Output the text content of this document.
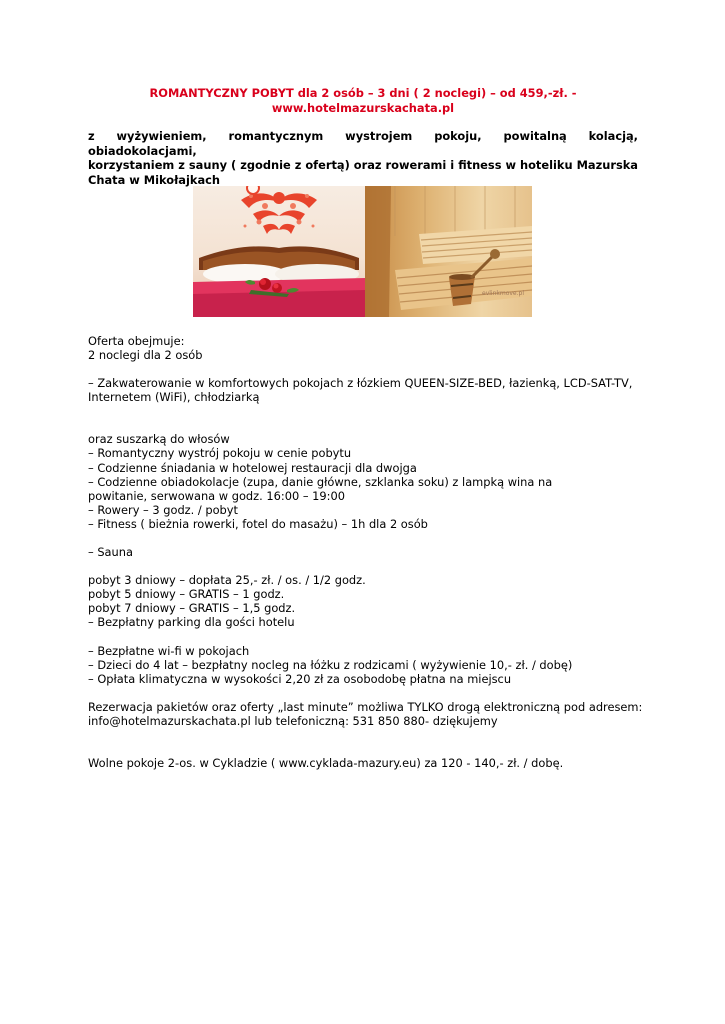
ROMANTYCZNY POBYT dla 2 osób – 3 dni ( 2 noclegi) – od 459,-zł. -
www.hotelmazurskachata.pl
z wyżywieniem, romantycznym wystrojem pokoju, powitalną kolacją, obiadokolacjami,
korzystaniem z sauny ( zgodnie z ofertą) oraz rowerami i fitness w hoteliku Mazurska
Chata w Mikołajkach
evlinkmove.pl
Oferta obejmuje:
2 noclegi dla 2 osób
– Zakwaterowanie w komfortowych pokojach z łózkiem QUEEN-SIZE-BED, łazienką, LCD-SAT-TV,
Internetem (WiFi), chłodziarką
oraz suszarką do włosów
– Romantyczny wystrój pokoju w cenie pobytu
– Codzienne śniadania w hotelowej restauracji dla dwojga
– Codzienne obiadokolacje (zupa, danie główne, szklanka soku) z lampką wina na
powitanie, serwowana w godz. 16:00 – 19:00
– Rowery – 3 godz. / pobyt
– Fitness ( bieżnia rowerki, fotel do masażu) – 1h dla 2 osób
– Sauna
pobyt 3 dniowy – dopłata 25,- zł. / os. / 1/2 godz.
pobyt 5 dniowy – GRATIS – 1 godz.
pobyt 7 dniowy – GRATIS – 1,5 godz.
– Bezpłatny parking dla gości hotelu
– Bezpłatne wi-fi w pokojach
– Dzieci do 4 lat – bezpłatny nocleg na łóżku z rodzicami ( wyżywienie 10,- zł. / dobę)
– Opłata klimatyczna w wysokości 2,20 zł za osobodobę płatna na miejscu
Rezerwacja pakietów oraz oferty „last minute” możliwa TYLKO drogą elektroniczną pod adresem:
info@hotelmazurskachata.pl lub telefoniczną: 531 850 880- dziękujemy
Wolne pokoje 2-os. w Cykladzie ( www.cyklada-mazury.eu) za 120 - 140,- zł. / dobę.
